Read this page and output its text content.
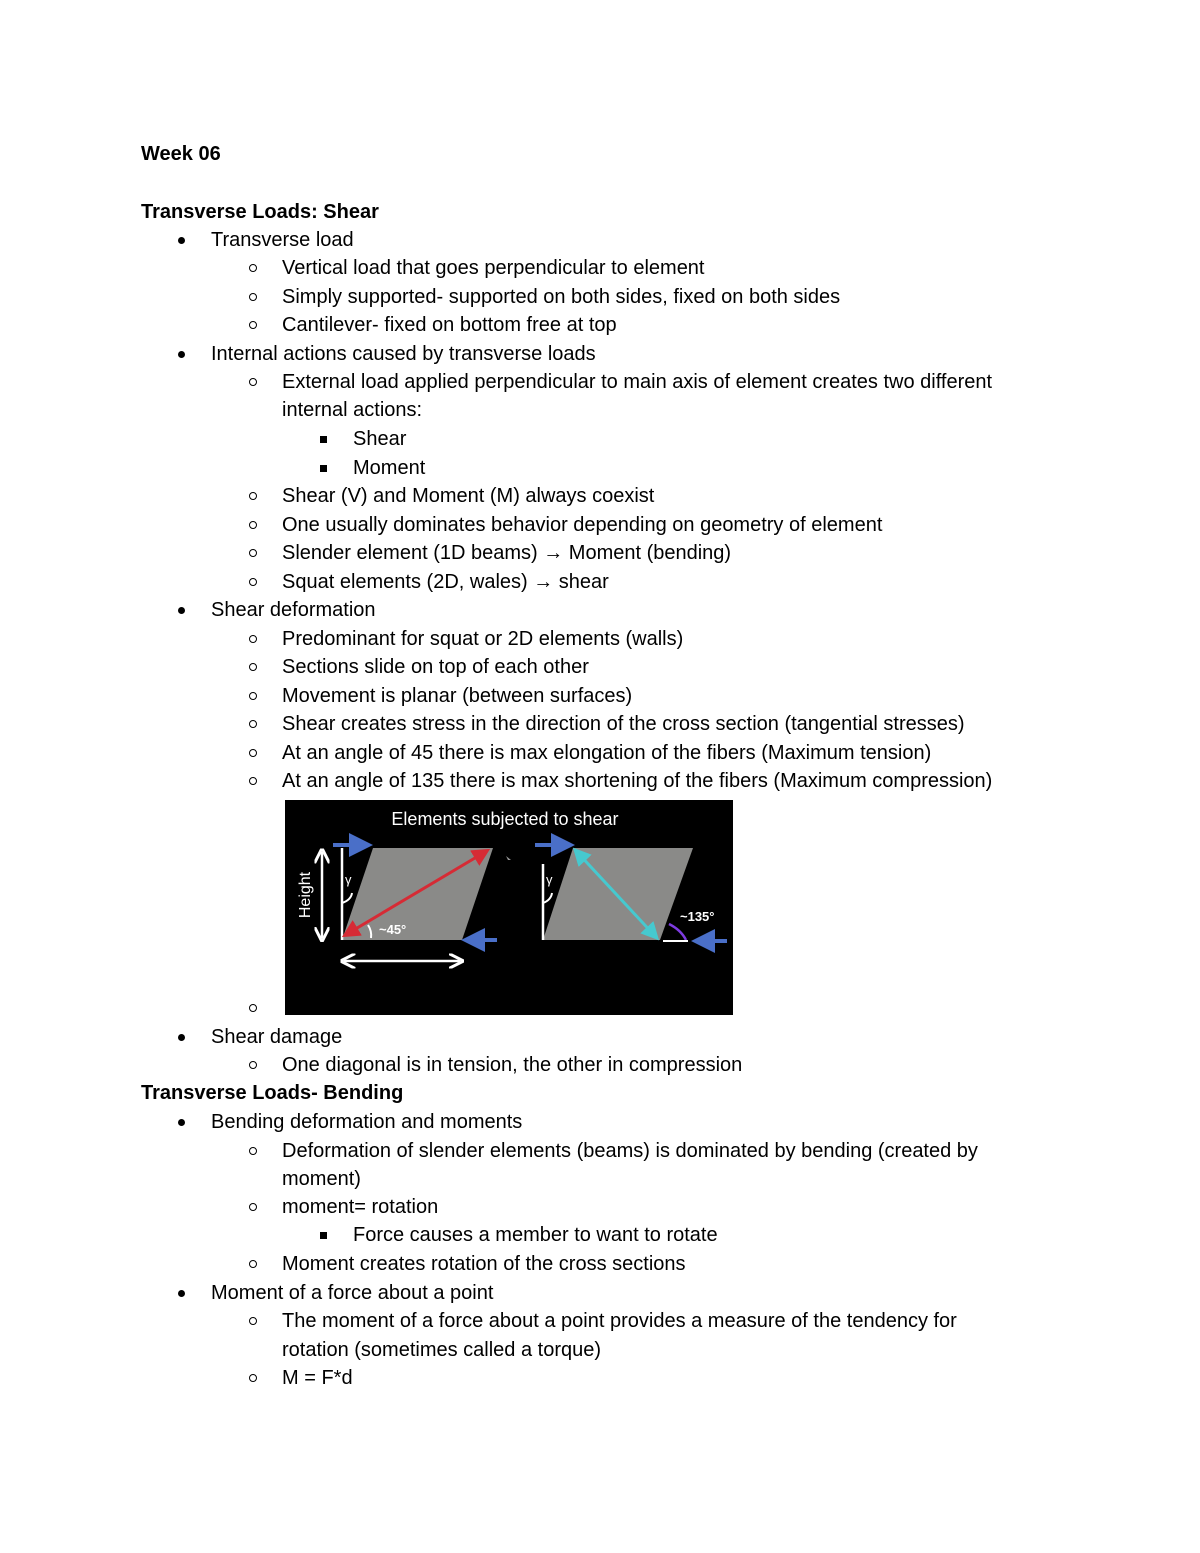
Week 06
Transverse Loads: Shear
Transverse load
Vertical load that goes perpendicular to element
Simply supported- supported on both sides, fixed on both sides
Cantilever- fixed on bottom free at top
Internal actions caused by transverse loads
External load applied perpendicular to main axis of element creates two different
internal actions:
Shear
Moment
Shear (V) and Moment (M) always coexist
One usually dominates behavior depending on geometry of element
Slender element (1D beams) → Moment (bending)
Squat elements (2D, wales) → shear
Shear deformation
Predominant for squat or 2D elements (walls)
Sections slide on top of each other
Movement is planar (between surfaces)
Shear creates stress in the direction of the cross section (tangential stresses)
At an angle of 45 there is max elongation of the fibers (Maximum tension)
At an angle of 135 there is max shortening of the fibers (Maximum compression)
Elements subjected to shear
γ
~45°
Height	γ
~135°
Shear damage
One diagonal is in tension, the other in compression
Transverse Loads- Bending
Bending deformation and moments
Deformation of slender elements (beams) is dominated by bending (created by
moment)
moment= rotation
Force causes a member to want to rotate
Moment creates rotation of the cross sections
Moment of a force about a point
The moment of a force about a point provides a measure of the tendency for
rotation (sometimes called a torque)
M = F*d
